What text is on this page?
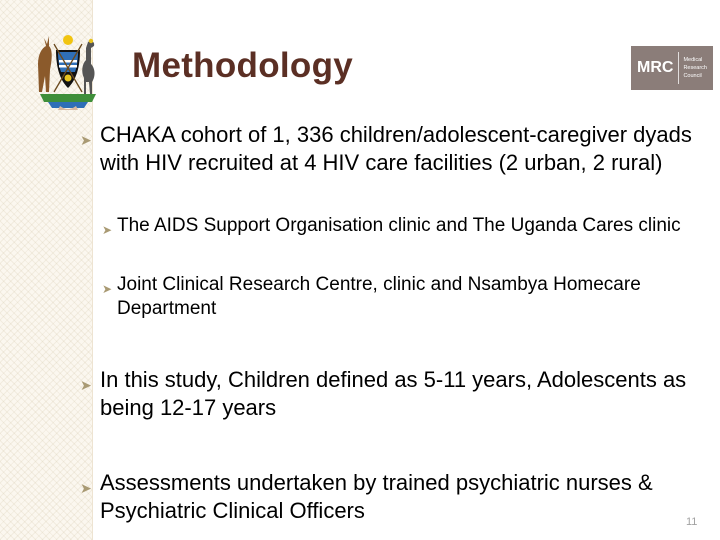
Methodology	MRC	Medical
Research
Council
➤ CHAKA cohort of 1, 336 children/adolescent-caregiver dyads with HIV recruited at 4 HIV care facilities (2 urban, 2 rural)
➤ The AIDS Support Organisation clinic and The Uganda Cares clinic
➤ Joint Clinical Research Centre, clinic and Nsambya Homecare Department
➤ In this study, Children defined as 5-11 years, Adolescents as being 12-17 years
➤ Assessments undertaken by trained psychiatric nurses & Psychiatric Clinical Officers	11
